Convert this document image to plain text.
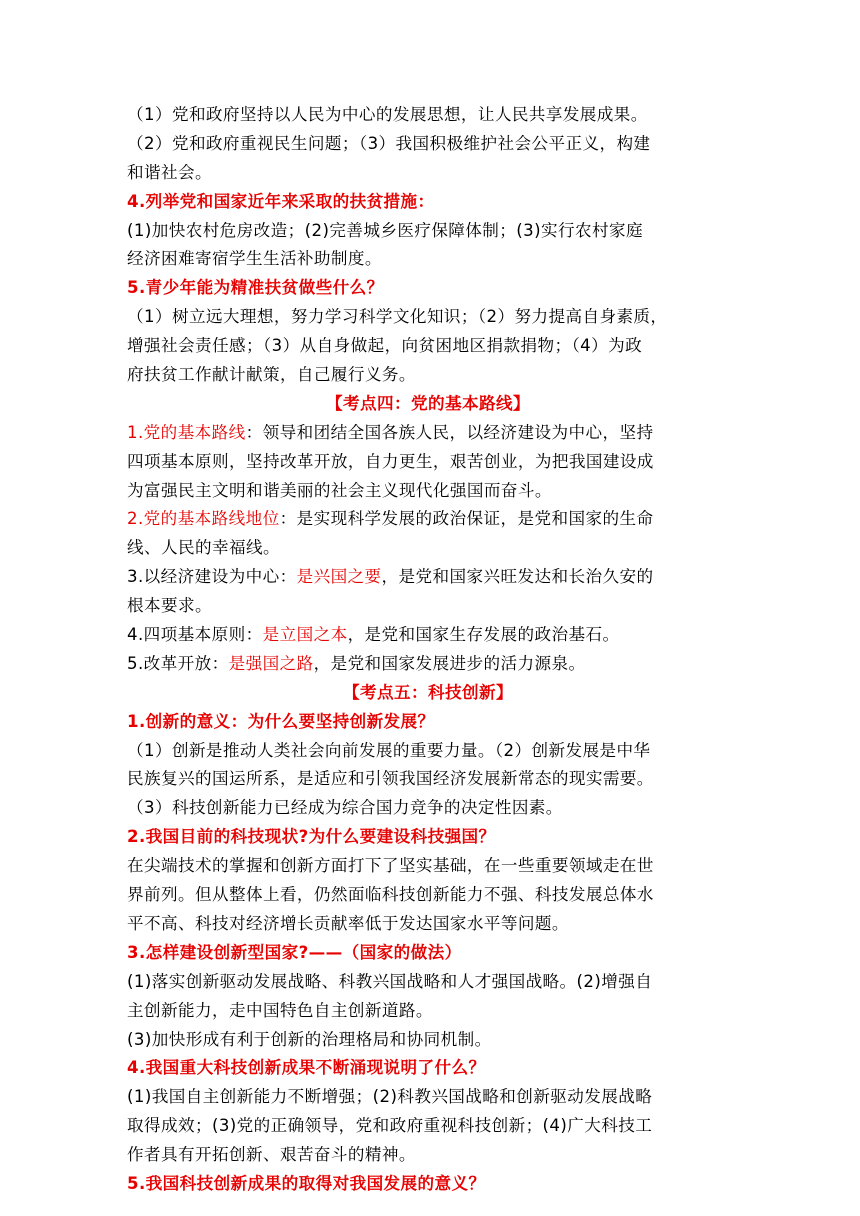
（1）党和政府坚持以人民为中心的发展思想，让人民共享发展成果。
（2）党和政府重视民生问题；（3）我国积极维护社会公平正义，构建
和谐社会。
4.列举党和国家近年来采取的扶贫措施：
(1)加快农村危房改造；(2)完善城乡医疗保障体制；(3)实行农村家庭
经济困难寄宿学生生活补助制度。
5.青少年能为精准扶贫做些什么？
（1）树立远大理想，努力学习科学文化知识；（2）努力提高自身素质，
增强社会责任感；（3）从自身做起，向贫困地区捐款捐物；（4）为政
府扶贫工作献计献策，自己履行义务。
【考点四：党的基本路线】
1.党的基本路线：领导和团结全国各族人民，以经济建设为中心，坚持
四项基本原则，坚持改革开放，自力更生，艰苦创业，为把我国建设成
为富强民主文明和谐美丽的社会主义现代化强国而奋斗。
2.党的基本路线地位：是实现科学发展的政治保证，是党和国家的生命
线、人民的幸福线。
3.以经济建设为中心：是兴国之要，是党和国家兴旺发达和长治久安的
根本要求。
4.四项基本原则：是立国之本，是党和国家生存发展的政治基石。
5.改革开放：是强国之路，是党和国家发展进步的活力源泉。
【考点五：科技创新】
1.创新的意义：为什么要坚持创新发展？
（1）创新是推动人类社会向前发展的重要力量。（2）创新发展是中华
民族复兴的国运所系，是适应和引领我国经济发展新常态的现实需要。
（3）科技创新能力已经成为综合国力竞争的决定性因素。
2.我国目前的科技现状?为什么要建设科技强国？
在尖端技术的掌握和创新方面打下了坚实基础，在一些重要领域走在世
界前列。但从整体上看，仍然面临科技创新能力不强、科技发展总体水
平不高、科技对经济增长贡献率低于发达国家水平等问题。
3.怎样建设创新型国家?——（国家的做法）
(1)落实创新驱动发展战略、科教兴国战略和人才强国战略。(2)增强自
主创新能力，走中国特色自主创新道路。
(3)加快形成有利于创新的治理格局和协同机制。
4.我国重大科技创新成果不断涌现说明了什么？
(1)我国自主创新能力不断增强；(2)科教兴国战略和创新驱动发展战略
取得成效；(3)党的正确领导，党和政府重视科技创新；(4)广大科技工
作者具有开拓创新、艰苦奋斗的精神。
5.我国科技创新成果的取得对我国发展的意义？
